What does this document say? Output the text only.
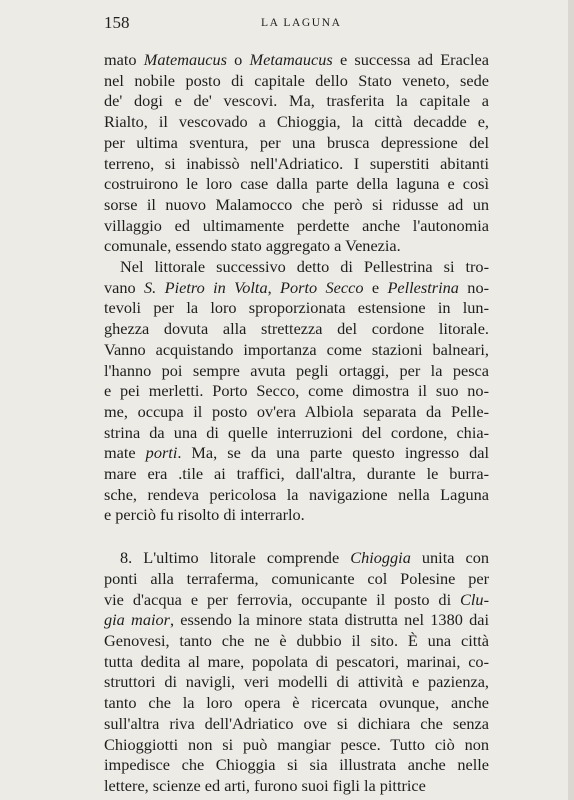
158	LA LAGUNA

mato Matemaucus o Metamaucus e successa ad Eraclea
nel nobile posto di capitale dello Stato veneto, sede
de' dogi e de' vescovi. Ma, trasferita la capitale a
Rialto, il vescovado a Chioggia, la città decadde e,
per ultima sventura, per una brusca depressione del
terreno, si inabissò nell'Adriatico. I superstiti abitanti
costruirono le loro case dalla parte della laguna e così
sorse il nuovo Malamocco che però si ridusse ad un
villaggio ed ultimamente perdette anche l'autonomia
comunale, essendo stato aggregato a Venezia.

Nel littorale successivo detto di Pellestrina si tro-
vano S. Pietro in Volta, Porto Secco e Pellestrina no-
tevoli per la loro sproporzionata estensione in lun-
ghezza dovuta alla strettezza del cordone litorale.
Vanno acquistando importanza come stazioni balneari,
l'hanno poi sempre avuta pegli ortaggi, per la pesca
e pei merletti. Porto Secco, come dimostra il suo no-
me, occupa il posto ov'era Albiola separata da Pelle-
strina da una di quelle interruzioni del cordone, chia-
mate porti. Ma, se da una parte questo ingresso dal
mare era .tile ai traffici, dall'altra, durante le burra-
sche, rendeva pericolosa la navigazione nella Laguna
e perciò fu risolto di interrarlo.

8. L'ultimo litorale comprende Chioggia unita con
ponti alla terraferma, comunicante col Polesine per
vie d'acqua e per ferrovia, occupante il posto di Clu-
gia maior, essendo la minore stata distrutta nel 1380 dai
Genovesi, tanto che ne è dubbio il sito. È una città
tutta dedita al mare, popolata di pescatori, marinai, co-
struttori di navigli, veri modelli di attività e pazienza,
tanto che la loro opera è ricercata ovunque, anche
sull'altra riva dell'Adriatico ove si dichiara che senza
Chioggiotti non si può mangiar pesce. Tutto ciò non
impedisce che Chioggia si sia illustrata anche nelle
lettere, scienze ed arti, furono suoi figli la pittrice
